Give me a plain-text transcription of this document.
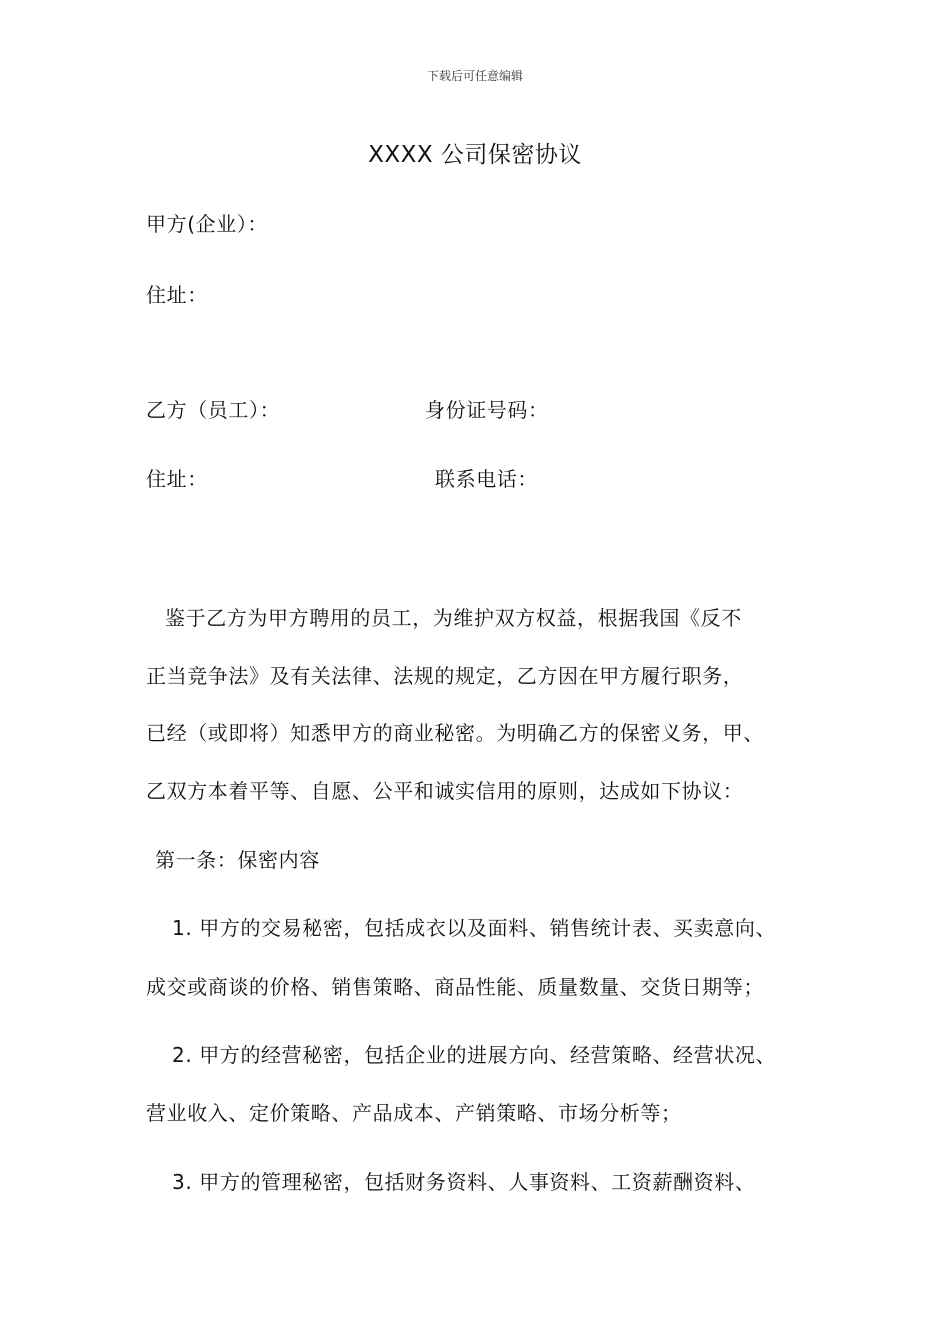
下载后可任意编辑
XXXX 公司保密协议
甲方(企业）：
住址：
乙方（员工）：	身份证号码：
住址：	联系电话：
鉴于乙方为甲方聘用的员工，为维护双方权益，根据我国《反不
正当竞争法》及有关法律、法规的规定，乙方因在甲方履行职务，
已经（或即将）知悉甲方的商业秘密。为明确乙方的保密义务，甲、
乙双方本着平等、自愿、公平和诚实信用的原则，达成如下协议：
第一条：保密内容
1. 甲方的交易秘密，包括成衣以及面料、销售统计表、买卖意向、
成交或商谈的价格、销售策略、商品性能、质量数量、交货日期等；
2. 甲方的经营秘密，包括企业的进展方向、经营策略、经营状况、
营业收入、定价策略、产品成本、产销策略、市场分析等；
3. 甲方的管理秘密，包括财务资料、人事资料、工资薪酬资料、
